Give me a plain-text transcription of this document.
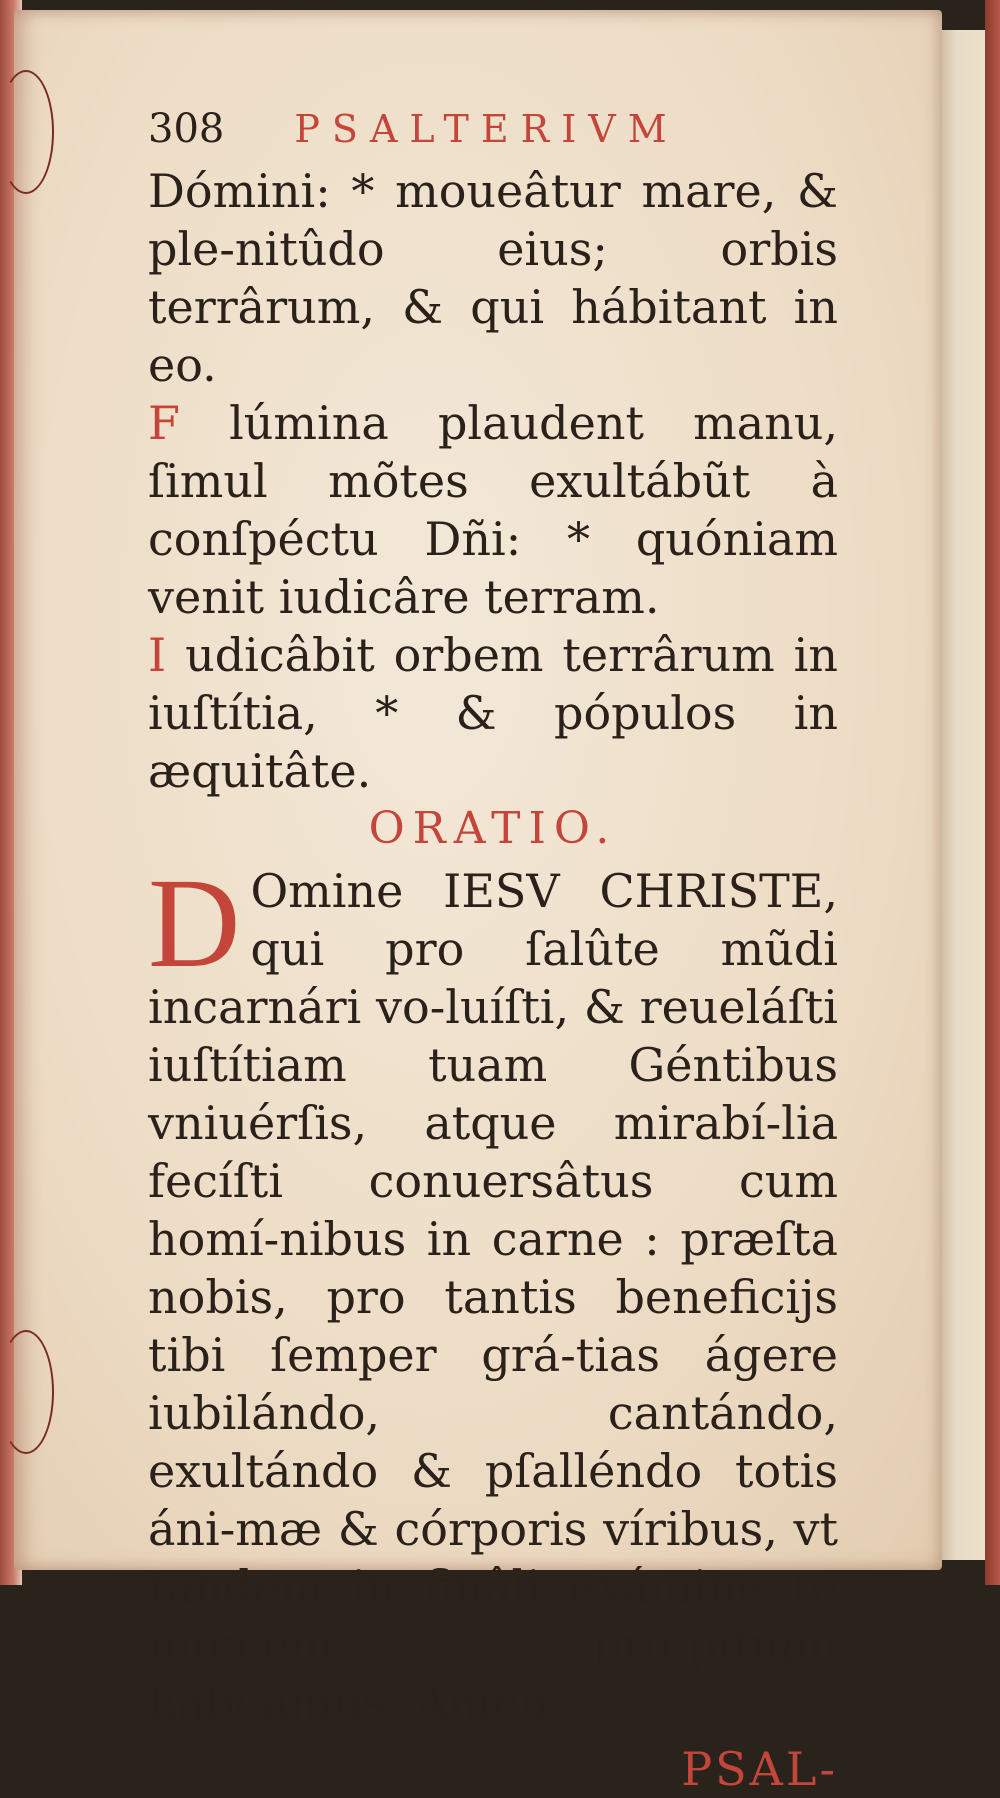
308 PSALTERIVM
Dómini: * moueâtur mare, & ple-nitûdo eius; orbis terrârum, & qui hábitant in eo.
F lúmina plaudent manu, ſimul mõtes exultábũt à conſpéctu Dñi: * quóniam venit iudicâre terram.
I udicâbit orbem terrârum in iuſtítia, * & pópulos in æquitâte.
ORATIO.
D Omine IESV CHRISTE, qui pro ſalûte mũdi incarnári vo-luíſti, & reueláſti iuſtítiam tuam Géntibus vniuérſis, atque mirabí-lia fecíſti conuersâtus cum homí-nibus in carne : præſta nobis, pro tantis beneficijs tibi ſemper grá-tias ágere iubilándo, cantándo, exultándo & pſalléndo totis áni-mæ & córporis víribus, vt tandem in finâli exámine te iúdicem pro-pítium habeâmus. Amen.
PSAL-
